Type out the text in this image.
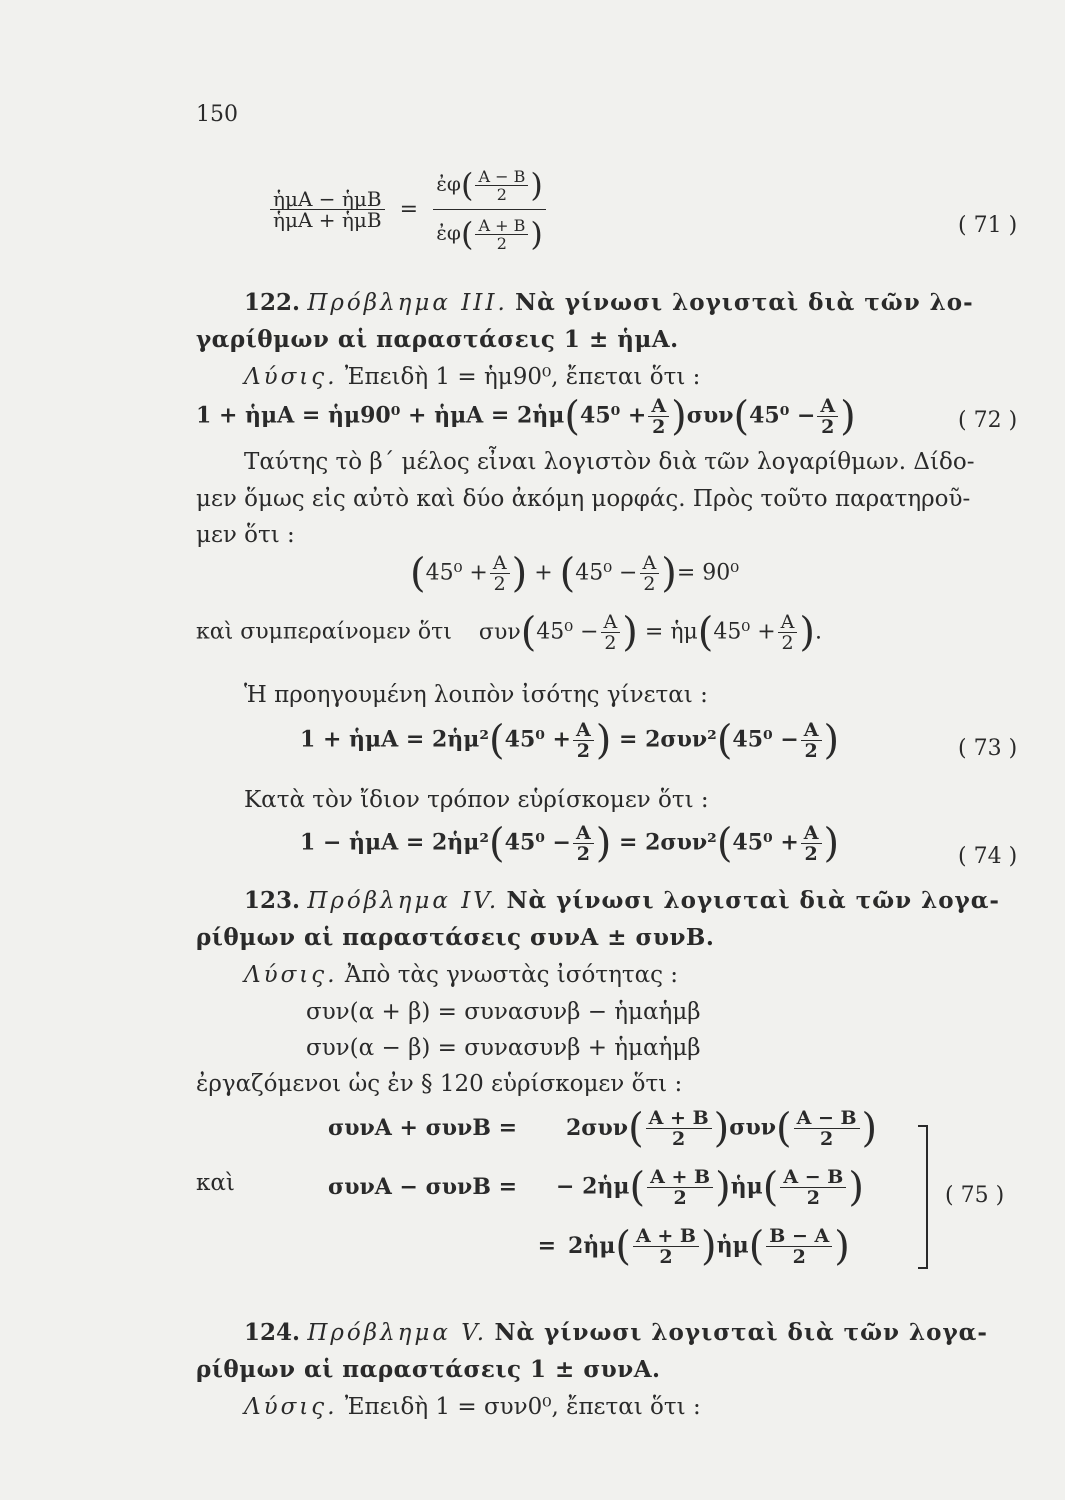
150
$\frac{\text{ἡμA − ἡμB}}{\text{ἡμA + ἡμB}} = \frac{ἐ\varphi( \frac{A - B}{2} )}{ἐ\varphi( \frac{A + B}{2} )}$	( 71 )
122. Πρόβλημα III. Νὰ γίνωσι λογισταὶ διὰ τῶν λο-
γαρίθμων αἱ παραστάσεις 1 ± ἡμA.
Λύσις. Ἐπειδὴ 1 = ἡμ90⁰, ἔπεται ὅτι :
1 + ἡμA = ἡμ90⁰ + ἡμA = 2ἡμ(45⁰ + $\frac{A}{2} )\sigma\upsilon\nu(45^0 - \frac{A}{2}$ )	( 72 )
Ταύτης τὸ β΄ μέλος εἶναι λογιστὸν διὰ τῶν λογαρίθμων. Δίδο-
μεν ὅμως εἰς αὐτὸ καὶ δύο ἀκόμη μορφάς. Πρὸς τοῦτο παρατηροῦ-
μεν ὅτι :
($45^0 + \frac{A}{2}$ ) + ($45^0 - \frac{A}{2}$ )= 90⁰
καὶ συμπεραίνομεν ὅτι $\sigma\upsilon\nu(45^0 - \frac{A}{2}$ ) = ἡμ(45⁰ + $\frac{A}{2}$ ).
Ἡ προηγουμένη λοιπὸν ἰσότης γίνεται :
1 + ἡμA = 2ἡμ²(45⁰ + $\frac{A}{2}$ ) = $2\sigma\upsilon\nu^2(45^0 - \frac{A}{2}$ )	( 73 )
Κατὰ τὸν ἴδιον τρόπον εὑρίσκομεν ὅτι :
1 − ἡμA = 2ἡμ²(45⁰ − $\frac{A}{2}$ ) = $2\sigma\upsilon\nu^2(45^0 + \frac{A}{2}$ )	( 74 )
123. Πρόβλημα IV. Νὰ γίνωσι λογισταὶ διὰ τῶν λογα-
ρίθμων αἱ παραστάσεις συνA ± συνB.
Λύσις. Ἀπὸ τὰς γνωστὰς ἰσότητας :
συν(α + β) = συνασυνβ − ἡμαἡμβ
συν(α − β) = συνασυνβ + ἡμαἡμβ
ἐργαζόμενοι ὡς ἐν § 120 εὑρίσκομεν ὅτι :
$\sigma\upsilon\nu A + \sigma\upsilon\nu B = 2\sigma\upsilon\nu( \frac{A + B}{2} )\sigma\upsilon\nu( \frac{A - B}{2}$ )
καὶ	συνA − συνB = − 2ἡμ( $\frac{A + B}{2}$ )ἡμ( $\frac{A - B}{2}$ )
= 2ἡμ( $\frac{A + B}{2}$ )ἡμ( $\frac{B - A}{2}$ )
( 75 )
124. Πρόβλημα V. Νὰ γίνωσι λογισταὶ διὰ τῶν λογα-
ρίθμων αἱ παραστάσεις 1 ± συνA.
Λύσις. Ἐπειδὴ 1 = συν0⁰, ἔπεται ὅτι :
